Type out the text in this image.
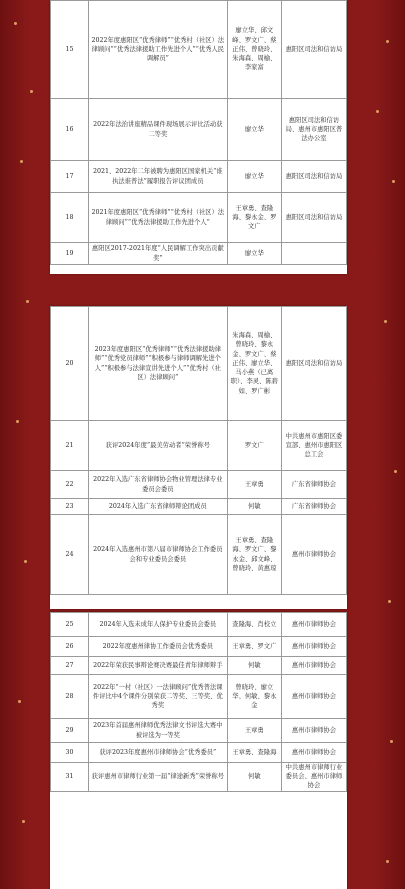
15	2022年度惠阳区“优秀律师”“优秀村（社区）法律顾问”“优秀法律援助工作先进个人”“优秀人民调解员”	廖立华、邱文峰、罗文广、蔡正伟、曾晓玲、朱海森、周榆、李家富	惠阳区司法和信访局
16	2022年法治讲座精品课件现场展示评比活动获二等奖	廖立华	惠阳区司法和信访局、惠州市惠阳区普法办公室
17	2021、2022年二年被聘为惠阳区国家机关“谁执法谁普法”履职报告评议团成员	廖立华	惠阳区司法和信访局
18	2021年度惠阳区“优秀律师”“优秀村（社区）法律顾问”“优秀法律援助工作先进个人”	王章勇、查隆海、黎永金、罗文广	惠阳区司法和信访局
19	惠阳区2017-2021年度“人民调解工作突出贡献奖”	廖立华	
20	2023年度惠阳区“优秀律师”“优秀法律援助律师”“优秀党员律师”“积极参与律师调解先进个人”“积极参与法律宣讲先进个人”“优秀村（社区）法律顾问”	朱海森、周榆、曾晓玲、黎永金、罗文广、蔡正伟、廖立华、马小燕（已离职）、李灵、陈碧如、罗广彬	惠阳区司法和信访局
21	获评2024年度“最美劳动者”荣誉称号	罗文广	中共惠州市惠阳区委宣部、惠州市惠阳区总工会
22	2022年入选广东省律师协会物业管理法律专业委员会委员	王章勇	广东省律师协会
23	2024年入选广东省律师辩论团成员	何敏	广东省律师协会
24	2024年入选惠州市第八届市律师协会工作委员会和专业委员会委员	王章勇、查隆海、罗文广、黎永金、邱文峰、曾晓玲、黄惠琼	惠州市律师协会
25	2024年入选未成年人保护专业委员会委员	查隆海、肖校立	惠州市律师协会
26	2022年度惠州律协工作委员会优秀委员	王章勇、罗文广	惠州市律师协会
27	2022年荣获民事辩论赛决赛最佳青年律师辩手	何敏	惠州市律师协会
28	2022年“一村（社区）一法律顾问”优秀普法课件评比中4个课件分别荣获二等奖、三等奖、优秀奖	曾晓玲、廖立华、何敏、黎永金	惠州市律师协会
29	2023年首届惠州律师优秀法律文书评选大赛中被评选为一等奖	王章勇	惠州市律师协会
30	获评2023年度惠州市律师协会“优秀委员”	王章勇、查隆海	惠州市律师协会
31	获评惠州市律师行业第一届“律途新秀”荣誉称号	何敏	中共惠州市律师行业委员会、惠州市律师协会
